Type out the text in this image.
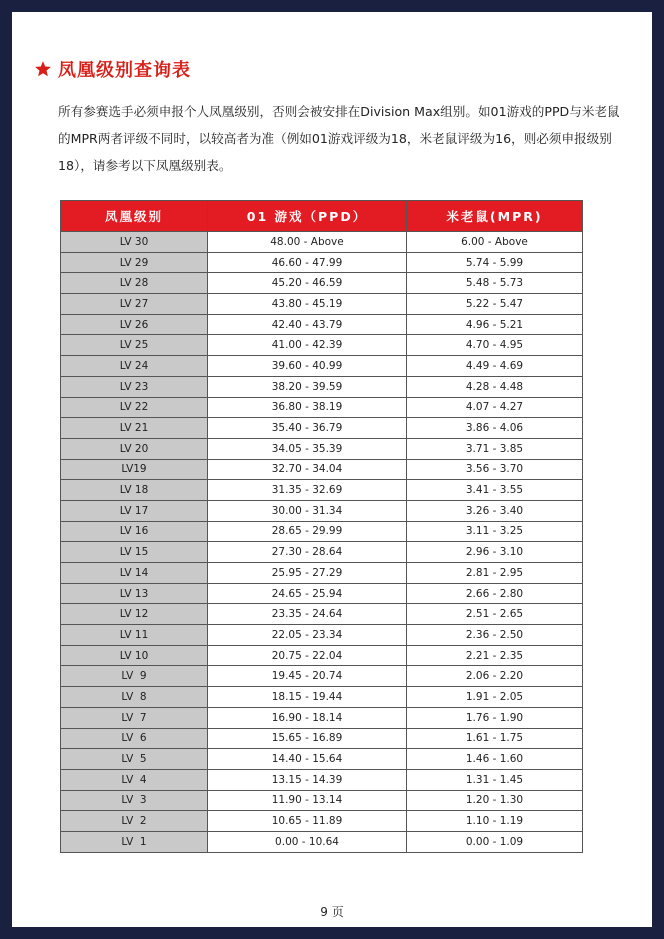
凤凰级别查询表

所有参赛选手必须申报个人凤凰级别，否则会被安排在Division Max组别。如01游戏的PPD与米老鼠

的MPR两者评级不同时，以较高者为准（例如01游戏评级为18，米老鼠评级为16，则必须申报级别

18），请参考以下凤凰级别表。

凤凰级别	01 游戏（PPD）	米老鼠(MPR)
LV 30	48.00 - Above	6.00 - Above
LV 29	46.60 - 47.99	5.74 - 5.99
LV 28	45.20 - 46.59	5.48 - 5.73
LV 27	43.80 - 45.19	5.22 - 5.47
LV 26	42.40 - 43.79	4.96 - 5.21
LV 25	41.00 - 42.39	4.70 - 4.95
LV 24	39.60 - 40.99	4.49 - 4.69
LV 23	38.20 - 39.59	4.28 - 4.48
LV 22	36.80 - 38.19	4.07 - 4.27
LV 21	35.40 - 36.79	3.86 - 4.06
LV 20	34.05 - 35.39	3.71 - 3.85
LV19	32.70 - 34.04	3.56 - 3.70
LV 18	31.35 - 32.69	3.41 - 3.55
LV 17	30.00 - 31.34	3.26 - 3.40
LV 16	28.65 - 29.99	3.11 - 3.25
LV 15	27.30 - 28.64	2.96 - 3.10
LV 14	25.95 - 27.29	2.81 - 2.95
LV 13	24.65 - 25.94	2.66 - 2.80
LV 12	23.35 - 24.64	2.51 - 2.65
LV 11	22.05 - 23.34	2.36 - 2.50
LV 10	20.75 - 22.04	2.21 - 2.35
LV  9	19.45 - 20.74	2.06 - 2.20
LV  8	18.15 - 19.44	1.91 - 2.05
LV  7	16.90 - 18.14	1.76 - 1.90
LV  6	15.65 - 16.89	1.61 - 1.75
LV  5	14.40 - 15.64	1.46 - 1.60
LV  4	13.15 - 14.39	1.31 - 1.45
LV  3	11.90 - 13.14	1.20 - 1.30
LV  2	10.65 - 11.89	1.10 - 1.19
LV  1	0.00 - 10.64	0.00 - 1.09
9 页
